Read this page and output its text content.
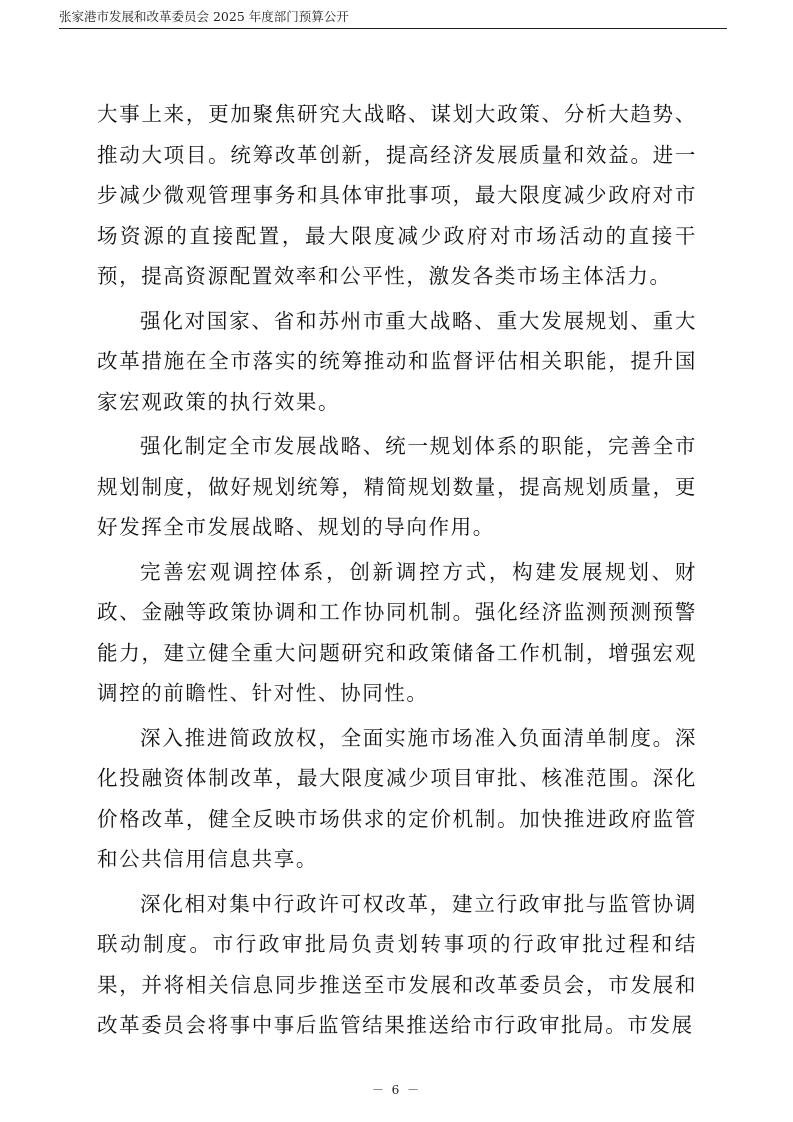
张家港市发展和改革委员会 2025 年度部门预算公开

大事上来，更加聚焦研究大战略、谋划大政策、分析大趋势、推动大项目。统筹改革创新，提高经济发展质量和效益。进一步减少微观管理事务和具体审批事项，最大限度减少政府对市场资源的直接配置，最大限度减少政府对市场活动的直接干预，提高资源配置效率和公平性，激发各类市场主体活力。

强化对国家、省和苏州市重大战略、重大发展规划、重大改革措施在全市落实的统筹推动和监督评估相关职能，提升国家宏观政策的执行效果。

强化制定全市发展战略、统一规划体系的职能，完善全市规划制度，做好规划统筹，精简规划数量，提高规划质量，更好发挥全市发展战略、规划的导向作用。

完善宏观调控体系，创新调控方式，构建发展规划、财政、金融等政策协调和工作协同机制。强化经济监测预测预警能力，建立健全重大问题研究和政策储备工作机制，增强宏观调控的前瞻性、针对性、协同性。

深入推进简政放权，全面实施市场准入负面清单制度。深化投融资体制改革，最大限度减少项目审批、核准范围。深化价格改革，健全反映市场供求的定价机制。加快推进政府监管和公共信用信息共享。

深化相对集中行政许可权改革，建立行政审批与监管协调联动制度。市行政审批局负责划转事项的行政审批过程和结果，并将相关信息同步推送至市发展和改革委员会，市发展和改革委员会将事中事后监管结果推送给市行政审批局。市发展

－ 6 －
